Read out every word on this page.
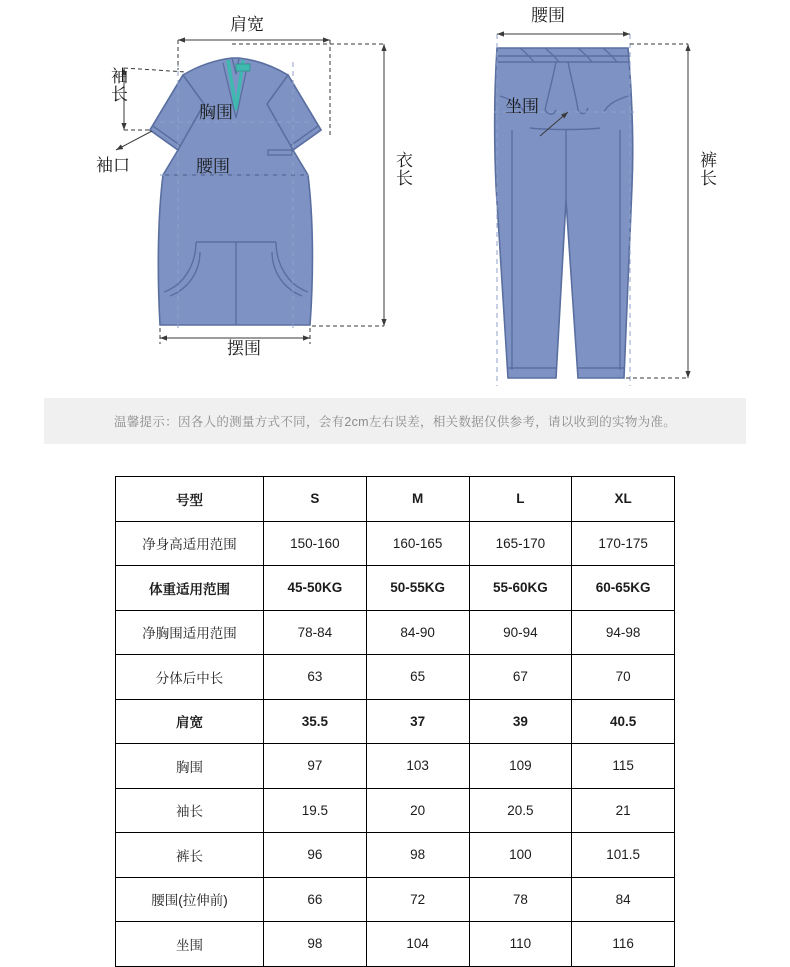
肩宽
袖长
胸围
袖口	腰围	衣长
摆围
腰围
坐围
裤长
温馨提示：因各人的测量方式不同，会有2cm左右误差，相关数据仅供参考，请以收到的实物为准。
号型	S	M	L	XL
净身高适用范围	150-160	160-165	165-170	170-175
体重适用范围	45-50KG	50-55KG	55-60KG	60-65KG
净胸围适用范围	78-84	84-90	90-94	94-98
分体后中长	63	65	67	70
肩宽	35.5	37	39	40.5
胸围	97	103	109	115
袖长	19.5	20	20.5	21
裤长	96	98	100	101.5
腰围(拉伸前)	66	72	78	84
坐围	98	104	110	116
